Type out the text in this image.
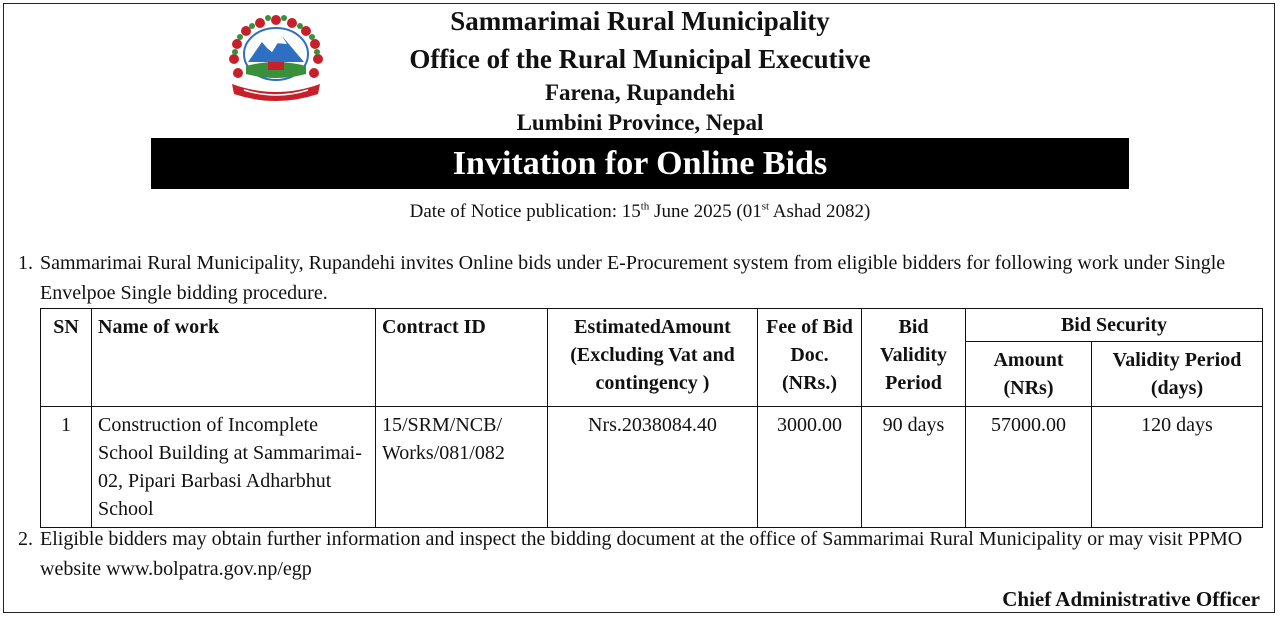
Sammarimai Rural Municipality
Office of the Rural Municipal Executive
Farena, Rupandehi
Lumbini Province, Nepal
Invitation for Online Bids
Date of Notice publication: 15th June 2025 (01st Ashad 2082)
1. Sammarimai Rural Municipality, Rupandehi invites Online bids under E-Procurement system from eligible bidders for following work under Single Envelpoe Single bidding procedure.
SN	Name of work	Contract ID	EstimatedAmount (Excluding Vat and contingency )	Fee of Bid Doc. (NRs.)	Bid Validity Period	Bid Security	
						Amount (NRs)	Validity Period (days)
1	Construction of Incomplete School Building at Sammarimai-02, Pipari Barbasi Adharbhut School	15/SRM/NCB/ Works/081/082	Nrs.2038084.40	3000.00	90 days	57000.00	120 days
2. Eligible bidders may obtain further information and inspect the bidding document at the office of Sammarimai Rural Municipality or may visit PPMO website www.bolpatra.gov.np/egp
Chief Administrative Officer
